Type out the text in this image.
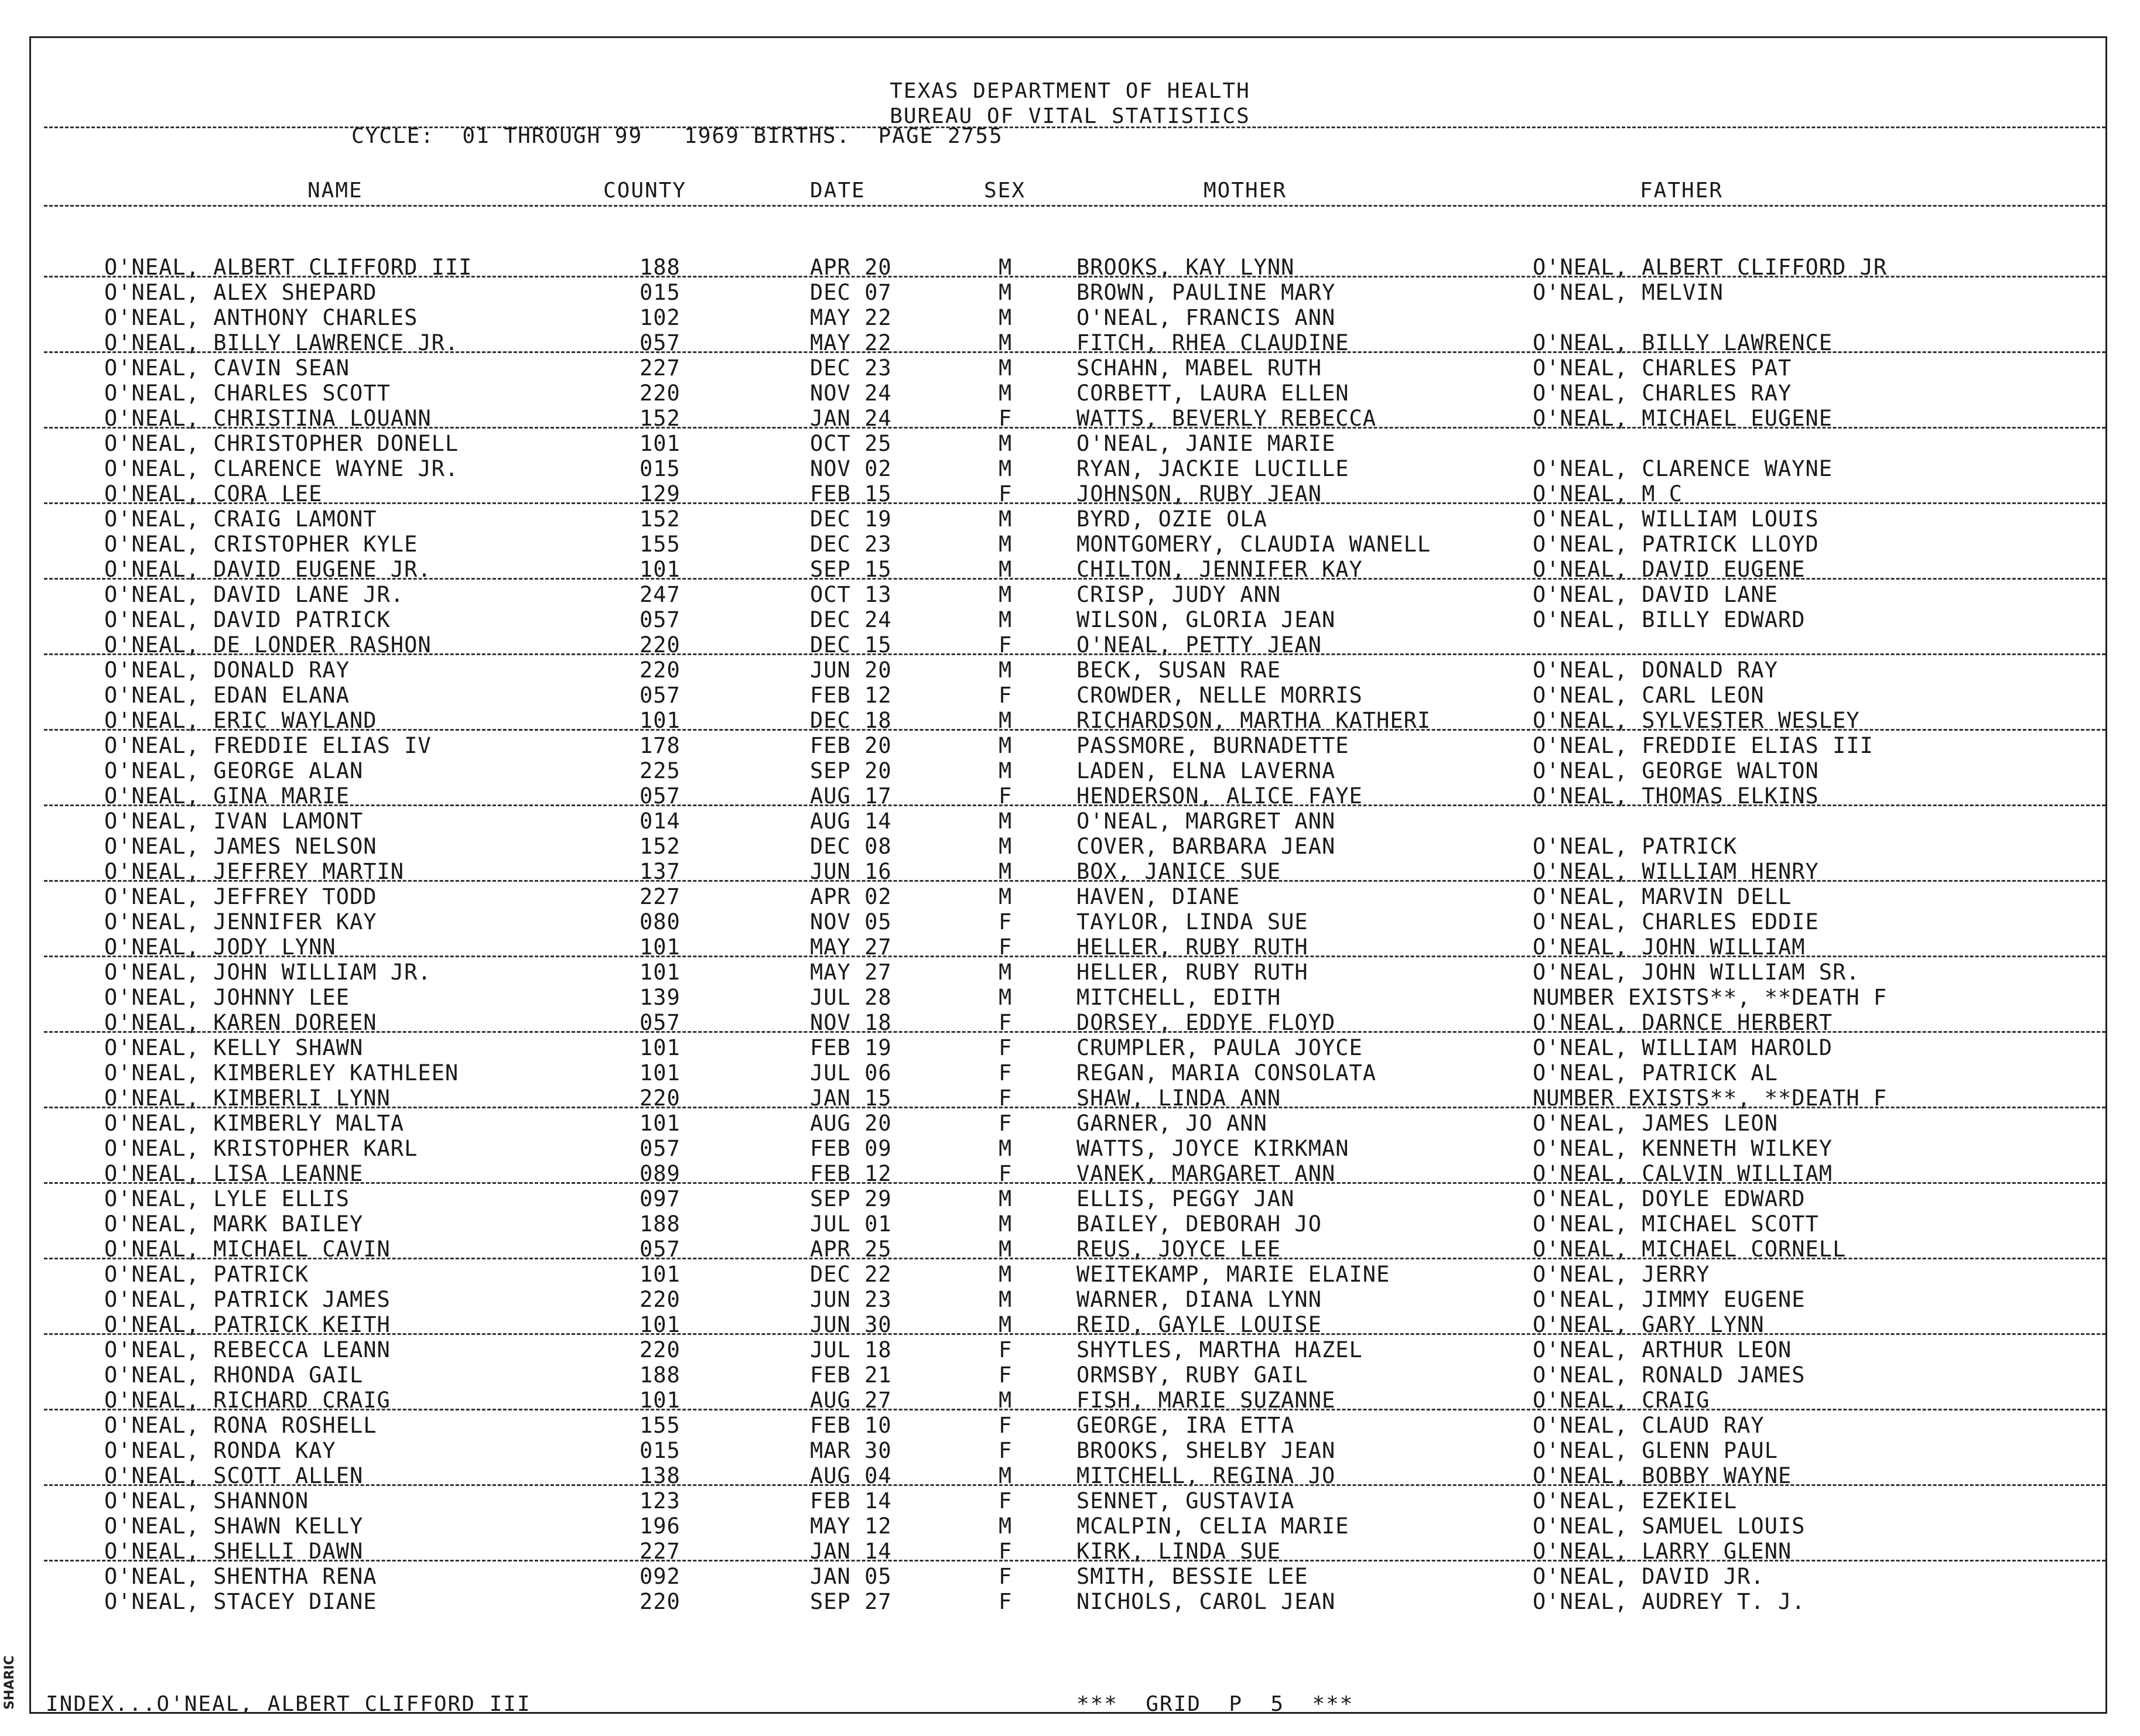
SHARIC
TEXAS DEPARTMENT OF HEALTH
BUREAU OF VITAL STATISTICS
CYCLE:  01 THROUGH 99   1969 BIRTHS.  PAGE 2755
NAME	COUNTY	DATE	SEX	MOTHER	FATHER
O'NEAL, ALBERT CLIFFORD III	188	APR 20	M	BROOKS, KAY LYNN	O'NEAL, ALBERT CLIFFORD JR
O'NEAL, ALEX SHEPARD	015	DEC 07	M	BROWN, PAULINE MARY	O'NEAL, MELVIN
O'NEAL, ANTHONY CHARLES	102	MAY 22	M	O'NEAL, FRANCIS ANN
O'NEAL, BILLY LAWRENCE JR.	057	MAY 22	M	FITCH, RHEA CLAUDINE	O'NEAL, BILLY LAWRENCE
O'NEAL, CAVIN SEAN	227	DEC 23	M	SCHAHN, MABEL RUTH	O'NEAL, CHARLES PAT
O'NEAL, CHARLES SCOTT	220	NOV 24	M	CORBETT, LAURA ELLEN	O'NEAL, CHARLES RAY
O'NEAL, CHRISTINA LOUANN	152	JAN 24	F	WATTS, BEVERLY REBECCA	O'NEAL, MICHAEL EUGENE
O'NEAL, CHRISTOPHER DONELL	101	OCT 25	M	O'NEAL, JANIE MARIE
O'NEAL, CLARENCE WAYNE JR.	015	NOV 02	M	RYAN, JACKIE LUCILLE	O'NEAL, CLARENCE WAYNE
O'NEAL, CORA LEE	129	FEB 15	F	JOHNSON, RUBY JEAN	O'NEAL, M C
O'NEAL, CRAIG LAMONT	152	DEC 19	M	BYRD, OZIE OLA	O'NEAL, WILLIAM LOUIS
O'NEAL, CRISTOPHER KYLE	155	DEC 23	M	MONTGOMERY, CLAUDIA WANELL	O'NEAL, PATRICK LLOYD
O'NEAL, DAVID EUGENE JR.	101	SEP 15	M	CHILTON, JENNIFER KAY	O'NEAL, DAVID EUGENE
O'NEAL, DAVID LANE JR.	247	OCT 13	M	CRISP, JUDY ANN	O'NEAL, DAVID LANE
O'NEAL, DAVID PATRICK	057	DEC 24	M	WILSON, GLORIA JEAN	O'NEAL, BILLY EDWARD
O'NEAL, DE LONDER RASHON	220	DEC 15	F	O'NEAL, PETTY JEAN
O'NEAL, DONALD RAY	220	JUN 20	M	BECK, SUSAN RAE	O'NEAL, DONALD RAY
O'NEAL, EDAN ELANA	057	FEB 12	F	CROWDER, NELLE MORRIS	O'NEAL, CARL LEON
O'NEAL, ERIC WAYLAND	101	DEC 18	M	RICHARDSON, MARTHA KATHERI	O'NEAL, SYLVESTER WESLEY
O'NEAL, FREDDIE ELIAS IV	178	FEB 20	M	PASSMORE, BURNADETTE	O'NEAL, FREDDIE ELIAS III
O'NEAL, GEORGE ALAN	225	SEP 20	M	LADEN, ELNA LAVERNA	O'NEAL, GEORGE WALTON
O'NEAL, GINA MARIE	057	AUG 17	F	HENDERSON, ALICE FAYE	O'NEAL, THOMAS ELKINS
O'NEAL, IVAN LAMONT	014	AUG 14	M	O'NEAL, MARGRET ANN
O'NEAL, JAMES NELSON	152	DEC 08	M	COVER, BARBARA JEAN	O'NEAL, PATRICK
O'NEAL, JEFFREY MARTIN	137	JUN 16	M	BOX, JANICE SUE	O'NEAL, WILLIAM HENRY
O'NEAL, JEFFREY TODD	227	APR 02	M	HAVEN, DIANE	O'NEAL, MARVIN DELL
O'NEAL, JENNIFER KAY	080	NOV 05	F	TAYLOR, LINDA SUE	O'NEAL, CHARLES EDDIE
O'NEAL, JODY LYNN	101	MAY 27	F	HELLER, RUBY RUTH	O'NEAL, JOHN WILLIAM
O'NEAL, JOHN WILLIAM JR.	101	MAY 27	M	HELLER, RUBY RUTH	O'NEAL, JOHN WILLIAM SR.
O'NEAL, JOHNNY LEE	139	JUL 28	M	MITCHELL, EDITH	NUMBER EXISTS**, **DEATH F
O'NEAL, KAREN DOREEN	057	NOV 18	F	DORSEY, EDDYE FLOYD	O'NEAL, DARNCE HERBERT
O'NEAL, KELLY SHAWN	101	FEB 19	F	CRUMPLER, PAULA JOYCE	O'NEAL, WILLIAM HAROLD
O'NEAL, KIMBERLEY KATHLEEN	101	JUL 06	F	REGAN, MARIA CONSOLATA	O'NEAL, PATRICK AL
O'NEAL, KIMBERLI LYNN	220	JAN 15	F	SHAW, LINDA ANN	NUMBER EXISTS**, **DEATH F
O'NEAL, KIMBERLY MALTA	101	AUG 20	F	GARNER, JO ANN	O'NEAL, JAMES LEON
O'NEAL, KRISTOPHER KARL	057	FEB 09	M	WATTS, JOYCE KIRKMAN	O'NEAL, KENNETH WILKEY
O'NEAL, LISA LEANNE	089	FEB 12	F	VANEK, MARGARET ANN	O'NEAL, CALVIN WILLIAM
O'NEAL, LYLE ELLIS	097	SEP 29	M	ELLIS, PEGGY JAN	O'NEAL, DOYLE EDWARD
O'NEAL, MARK BAILEY	188	JUL 01	M	BAILEY, DEBORAH JO	O'NEAL, MICHAEL SCOTT
O'NEAL, MICHAEL CAVIN	057	APR 25	M	REUS, JOYCE LEE	O'NEAL, MICHAEL CORNELL
O'NEAL, PATRICK	101	DEC 22	M	WEITEKAMP, MARIE ELAINE	O'NEAL, JERRY
O'NEAL, PATRICK JAMES	220	JUN 23	M	WARNER, DIANA LYNN	O'NEAL, JIMMY EUGENE
O'NEAL, PATRICK KEITH	101	JUN 30	M	REID, GAYLE LOUISE	O'NEAL, GARY LYNN
O'NEAL, REBECCA LEANN	220	JUL 18	F	SHYTLES, MARTHA HAZEL	O'NEAL, ARTHUR LEON
O'NEAL, RHONDA GAIL	188	FEB 21	F	ORMSBY, RUBY GAIL	O'NEAL, RONALD JAMES
O'NEAL, RICHARD CRAIG	101	AUG 27	M	FISH, MARIE SUZANNE	O'NEAL, CRAIG
O'NEAL, RONA ROSHELL	155	FEB 10	F	GEORGE, IRA ETTA	O'NEAL, CLAUD RAY
O'NEAL, RONDA KAY	015	MAR 30	F	BROOKS, SHELBY JEAN	O'NEAL, GLENN PAUL
O'NEAL, SCOTT ALLEN	138	AUG 04	M	MITCHELL, REGINA JO	O'NEAL, BOBBY WAYNE
O'NEAL, SHANNON	123	FEB 14	F	SENNET, GUSTAVIA	O'NEAL, EZEKIEL
O'NEAL, SHAWN KELLY	196	MAY 12	M	MCALPIN, CELIA MARIE	O'NEAL, SAMUEL LOUIS
O'NEAL, SHELLI DAWN	227	JAN 14	F	KIRK, LINDA SUE	O'NEAL, LARRY GLENN
O'NEAL, SHENTHA RENA	092	JAN 05	F	SMITH, BESSIE LEE	O'NEAL, DAVID JR.
O'NEAL, STACEY DIANE	220	SEP 27	F	NICHOLS, CAROL JEAN	O'NEAL, AUDREY T. J.
INDEX...O'NEAL, ALBERT CLIFFORD III	***  GRID  P  5  ***
